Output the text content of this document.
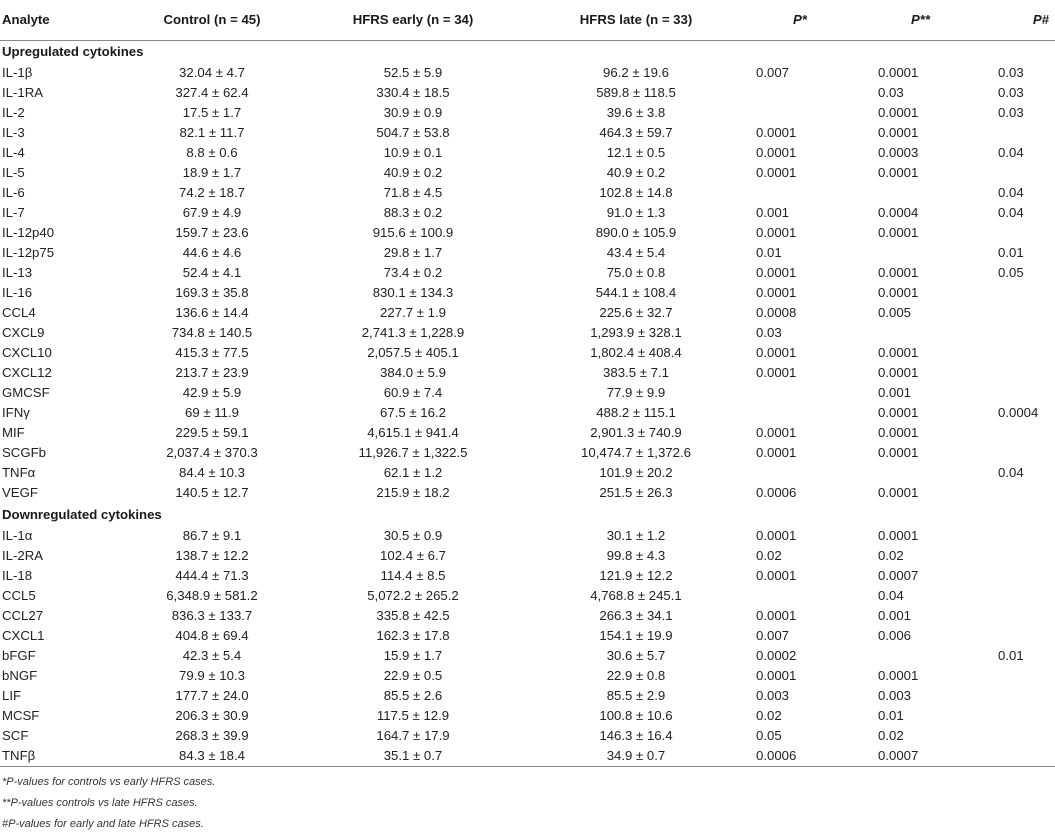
Analyte	Control (n = 45)	HFRS early (n = 34)	HFRS late (n = 33)	P*	P**	P#
Upregulated cytokines						
IL-1β	32.04 ± 4.7	52.5 ± 5.9	96.2 ± 19.6	0.007	0.0001	0.03
IL-1RA	327.4 ± 62.4	330.4 ± 18.5	589.8 ± 118.5		0.03	0.03
IL-2	17.5 ± 1.7	30.9 ± 0.9	39.6 ± 3.8		0.0001	0.03
IL-3	82.1 ± 11.7	504.7 ± 53.8	464.3 ± 59.7	0.0001	0.0001	
IL-4	8.8 ± 0.6	10.9 ± 0.1	12.1 ± 0.5	0.0001	0.0003	0.04
IL-5	18.9 ± 1.7	40.9 ± 0.2	40.9 ± 0.2	0.0001	0.0001	
IL-6	74.2 ± 18.7	71.8 ± 4.5	102.8 ± 14.8			0.04
IL-7	67.9 ± 4.9	88.3 ± 0.2	91.0 ± 1.3	0.001	0.0004	0.04
IL-12p40	159.7 ± 23.6	915.6 ± 100.9	890.0 ± 105.9	0.0001	0.0001	
IL-12p75	44.6 ± 4.6	29.8 ± 1.7	43.4 ± 5.4	0.01		0.01
IL-13	52.4 ± 4.1	73.4 ± 0.2	75.0 ± 0.8	0.0001	0.0001	0.05
IL-16	169.3 ± 35.8	830.1 ± 134.3	544.1 ± 108.4	0.0001	0.0001	
CCL4	136.6 ± 14.4	227.7 ± 1.9	225.6 ± 32.7	0.0008	0.005	
CXCL9	734.8 ± 140.5	2,741.3 ± 1,228.9	1,293.9 ± 328.1	0.03		
CXCL10	415.3 ± 77.5	2,057.5 ± 405.1	1,802.4 ± 408.4	0.0001	0.0001	
CXCL12	213.7 ± 23.9	384.0 ± 5.9	383.5 ± 7.1	0.0001	0.0001	
GMCSF	42.9 ± 5.9	60.9 ± 7.4	77.9 ± 9.9		0.001	
IFNγ	69 ± 11.9	67.5 ± 16.2	488.2 ± 115.1		0.0001	0.0004
MIF	229.5 ± 59.1	4,615.1 ± 941.4	2,901.3 ± 740.9	0.0001	0.0001	
SCGFb	2,037.4 ± 370.3	11,926.7 ± 1,322.5	10,474.7 ± 1,372.6	0.0001	0.0001	
TNFα	84.4 ± 10.3	62.1 ± 1.2	101.9 ± 20.2			0.04
VEGF	140.5 ± 12.7	215.9 ± 18.2	251.5 ± 26.3	0.0006	0.0001	
Downregulated cytokines						
IL-1α	86.7 ± 9.1	30.5 ± 0.9	30.1 ± 1.2	0.0001	0.0001	
IL-2RA	138.7 ± 12.2	102.4 ± 6.7	99.8 ± 4.3	0.02	0.02	
IL-18	444.4 ± 71.3	114.4 ± 8.5	121.9 ± 12.2	0.0001	0.0007	
CCL5	6,348.9 ± 581.2	5,072.2 ± 265.2	4,768.8 ± 245.1		0.04	
CCL27	836.3 ± 133.7	335.8 ± 42.5	266.3 ± 34.1	0.0001	0.001	
CXCL1	404.8 ± 69.4	162.3 ± 17.8	154.1 ± 19.9	0.007	0.006	
bFGF	42.3 ± 5.4	15.9 ± 1.7	30.6 ± 5.7	0.0002		0.01
bNGF	79.9 ± 10.3	22.9 ± 0.5	22.9 ± 0.8	0.0001	0.0001	
LIF	177.7 ± 24.0	85.5 ± 2.6	85.5 ± 2.9	0.003	0.003	
MCSF	206.3 ± 30.9	117.5 ± 12.9	100.8 ± 10.6	0.02	0.01	
SCF	268.3 ± 39.9	164.7 ± 17.9	146.3 ± 16.4	0.05	0.02	
TNFβ	84.3 ± 18.4	35.1 ± 0.7	34.9 ± 0.7	0.0006	0.0007	
*P-values for controls vs early HFRS cases.
**P-values controls vs late HFRS cases.
#P-values for early and late HFRS cases.
